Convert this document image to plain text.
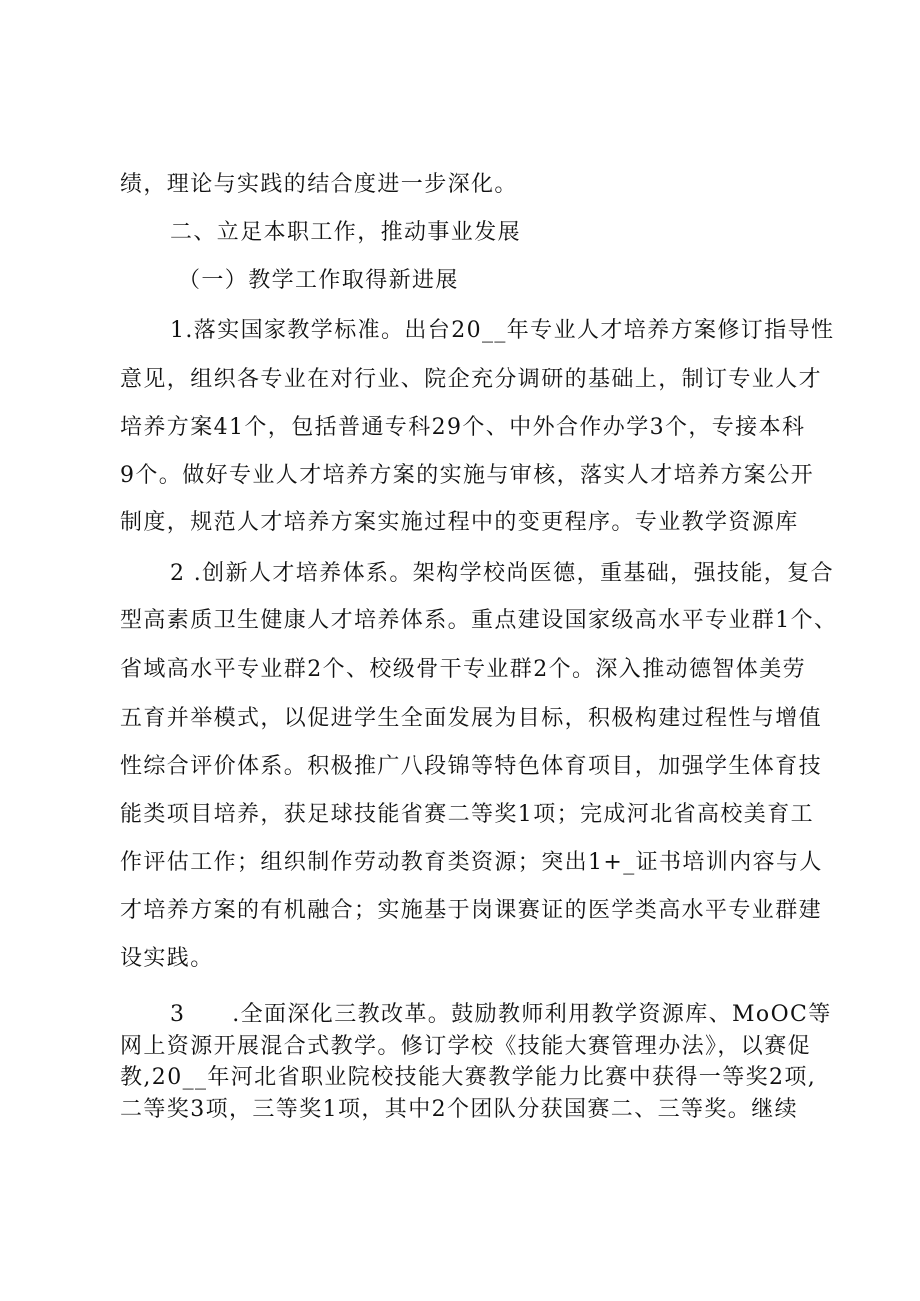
绩，理论与实践的结合度进一步深化。
二、立足本职工作，推动事业发展
（一）教学工作取得新进展
1.落实国家教学标准。出台20__年专业人才培养方案修订指导性
意见，组织各专业在对行业、院企充分调研的基础上，制订专业人才
培养方案41个，包括普通专科29个、中外合作办学3个，专接本科
9个。做好专业人才培养方案的实施与审核，落实人才培养方案公开
制度，规范人才培养方案实施过程中的变更程序。专业教学资源库
2 .创新人才培养体系。架构学校尚医德，重基础，强技能，复合
型高素质卫生健康人才培养体系。重点建设国家级高水平专业群1个、
省域高水平专业群2个、校级骨干专业群2个。深入推动德智体美劳
五育并举模式，以促进学生全面发展为目标，积极构建过程性与增值
性综合评价体系。积极推广八段锦等特色体育项目，加强学生体育技
能类项目培养，获足球技能省赛二等奖1项；完成河北省高校美育工
作评估工作；组织制作劳动教育类资源；突出1+_证书培训内容与人
才培养方案的有机融合；实施基于岗课赛证的医学类高水平专业群建
设实践。
3　　.全面深化三教改革。鼓励教师利用教学资源库、MoOC等
网上资源开展混合式教学。修订学校《技能大赛管理办法》，以赛促
教,20__年河北省职业院校技能大赛教学能力比赛中获得一等奖2项,
二等奖3项，三等奖1项，其中2个团队分获国赛二、三等奖。继续
